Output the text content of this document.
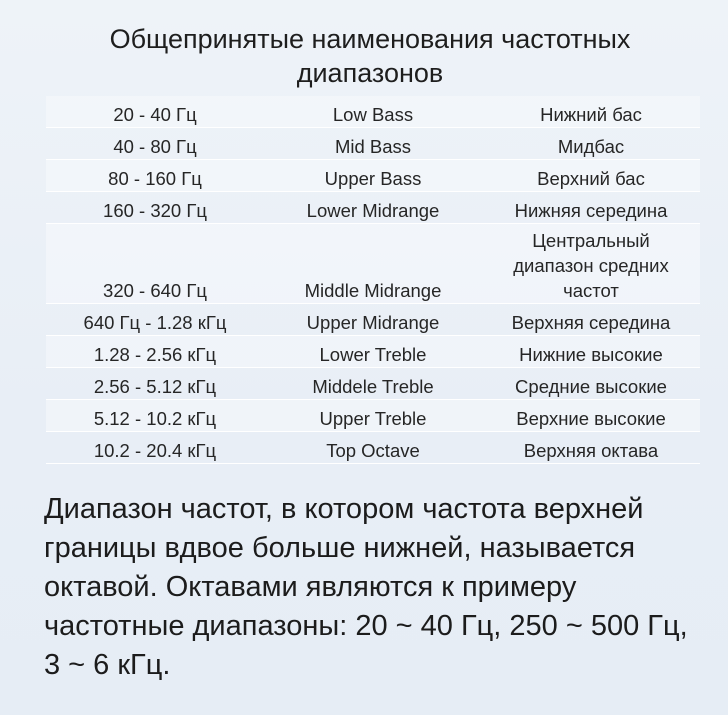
Общепринятые наименования частотных диапазонов
20 - 40 Гц	Low Bass	Нижний бас
40 - 80 Гц	Mid Bass	Мидбас
80 - 160 Гц	Upper Bass	Верхний бас
160 - 320 Гц	Lower Midrange	Нижняя середина
320 - 640 Гц	Middle Midrange	Центральный диапазон средних частот
640 Гц - 1.28 кГц	Upper Midrange	Верхняя середина
1.28 - 2.56 кГц	Lower Treble	Нижние высокие
2.56 - 5.12 кГц	Middele Treble	Средние высокие
5.12 - 10.2 кГц	Upper Treble	Верхние высокие
10.2 - 20.4 кГц	Top Octave	Верхняя октава

Диапазон частот, в котором частота верхней границы вдвое больше нижней, называется октавой. Октавами являются к примеру частотные диапазоны: 20 ~ 40 Гц, 250 ~ 500 Гц, 3 ~ 6 кГц.
